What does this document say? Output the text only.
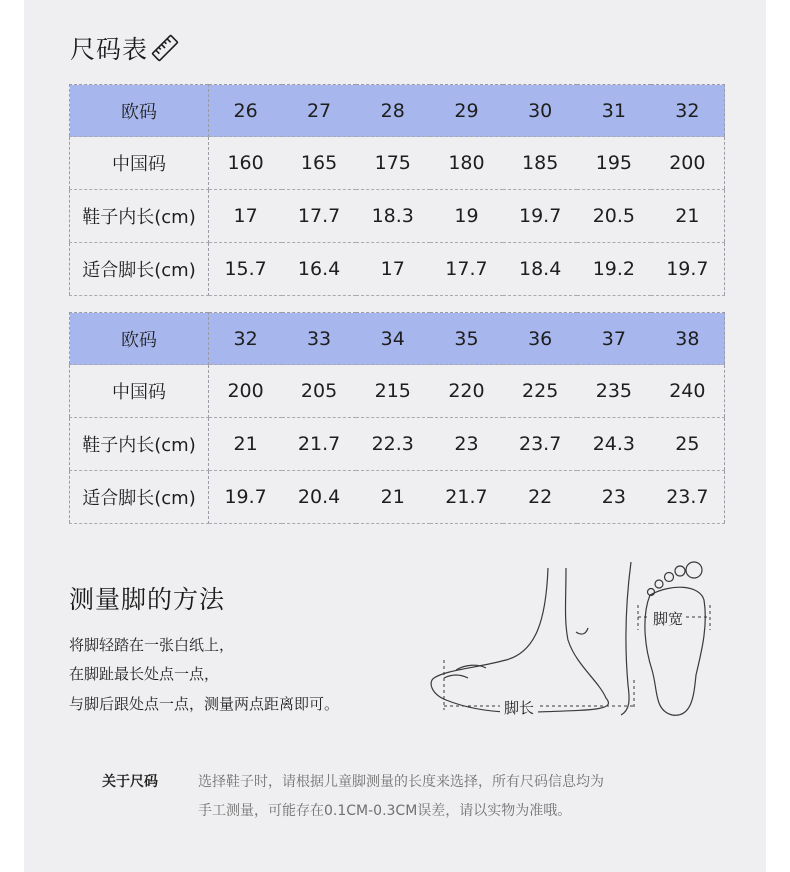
尺码表
欧码	26	27	28	29	30	31	32
中国码	160	165	175	180	185	195	200
鞋子内长(cm)	17	17.7	18.3	19	19.7	20.5	21
适合脚长(cm)	15.7	16.4	17	17.7	18.4	19.2	19.7
欧码	32	33	34	35	36	37	38
中国码	200	205	215	220	225	235	240
鞋子内长(cm)	21	21.7	22.3	23	23.7	24.3	25
适合脚长(cm)	19.7	20.4	21	21.7	22	23	23.7
测量脚的方法
将脚轻踏在一张白纸上，
在脚趾最长处点一点，
与脚后跟处点一点，测量两点距离即可。	脚长
脚宽
关于尺码	选择鞋子时，请根据儿童脚测量的长度来选择，所有尺码信息均为
手工测量，可能存在0.1CM-0.3CM误差，请以实物为准哦。
